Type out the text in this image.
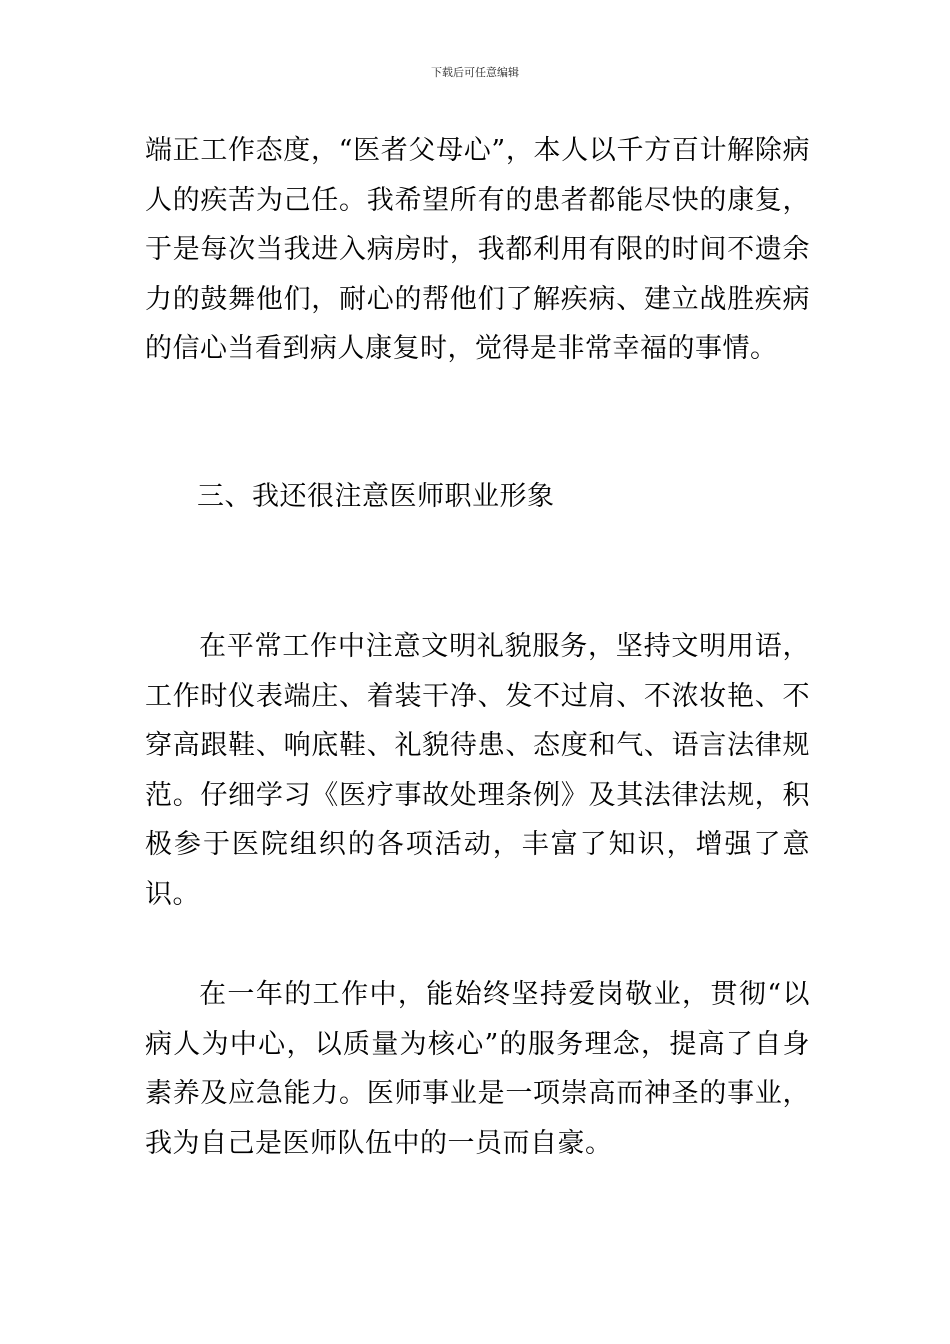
下载后可任意编辑

端正工作态度，“医者父母心”，本人以千方百计解除病人的疾苦为己任。我希望所有的患者都能尽快的康复，于是每次当我进入病房时，我都利用有限的时间不遗余力的鼓舞他们，耐心的帮他们了解疾病、建立战胜疾病的信心当看到病人康复时，觉得是非常幸福的事情。

三、我还很注意医师职业形象

在平常工作中注意文明礼貌服务，坚持文明用语，工作时仪表端庄、着装干净、发不过肩、不浓妆艳、不穿高跟鞋、响底鞋、礼貌待患、态度和气、语言法律规范。仔细学习《医疗事故处理条例》及其法律法规，积极参于医院组织的各项活动，丰富了知识，增强了意识。

在一年的工作中，能始终坚持爱岗敬业，贯彻“以病人为中心，以质量为核心”的服务理念，提高了自身素养及应急能力。医师事业是一项崇高而神圣的事业，我为自己是医师队伍中的一员而自豪。
